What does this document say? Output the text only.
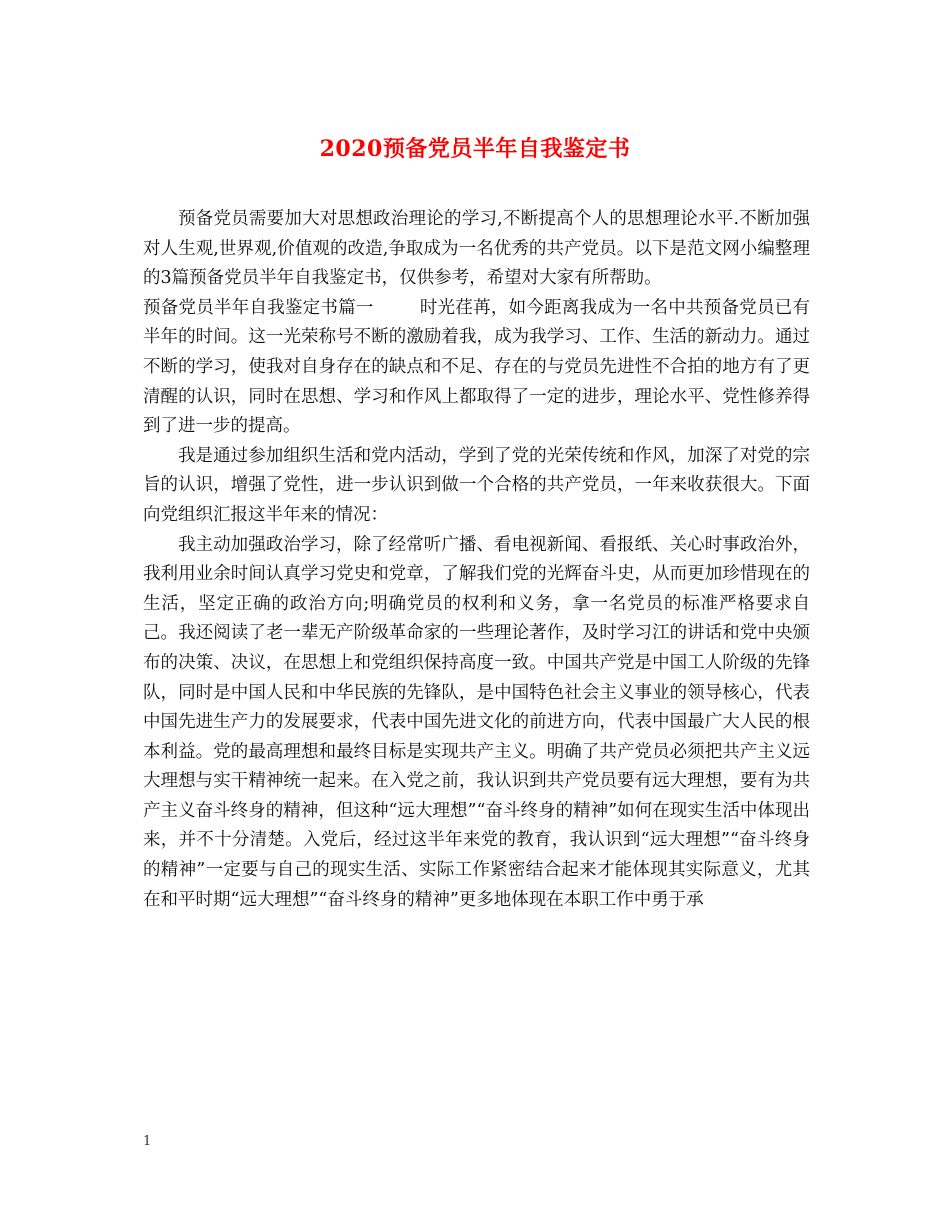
2020预备党员半年自我鉴定书

预备党员需要加大对思想政治理论的学习,不断提高个人的思想理论水平.不断加强对人生观,世界观,价值观的改造,争取成为一名优秀的共产党员。以下是范文网小编整理的3篇预备党员半年自我鉴定书，仅供参考，希望对大家有所帮助。

预备党员半年自我鉴定书篇一	时光荏苒，如今距离我成为一名中共预备党员已有半年的时间。这一光荣称号不断的激励着我，成为我学习、工作、生活的新动力。通过不断的学习，使我对自身存在的缺点和不足、存在的与党员先进性不合拍的地方有了更清醒的认识，同时在思想、学习和作风上都取得了一定的进步，理论水平、党性修养得到了进一步的提高。

我是通过参加组织生活和党内活动，学到了党的光荣传统和作风，加深了对党的宗旨的认识，增强了党性，进一步认识到做一个合格的共产党员，一年来收获很大。下面向党组织汇报这半年来的情况：

我主动加强政治学习，除了经常听广播、看电视新闻、看报纸、关心时事政治外，我利用业余时间认真学习党史和党章，了解我们党的光辉奋斗史，从而更加珍惜现在的生活，坚定正确的政治方向;明确党员的权利和义务，拿一名党员的标准严格要求自己。我还阅读了老一辈无产阶级革命家的一些理论著作，及时学习江的讲话和党中央颁布的决策、决议，在思想上和党组织保持高度一致。中国共产党是中国工人阶级的先锋队，同时是中国人民和中华民族的先锋队，是中国特色社会主义事业的领导核心，代表中国先进生产力的发展要求，代表中国先进文化的前进方向，代表中国最广大人民的根本利益。党的最高理想和最终目标是实现共产主义。明确了共产党员必须把共产主义远大理想与实干精神统一起来。在入党之前，我认识到共产党员要有远大理想，要有为共产主义奋斗终身的精神，但这种“远大理想”“奋斗终身的精神”如何在现实生活中体现出来，并不十分清楚。入党后，经过这半年来党的教育，我认识到“远大理想”“奋斗终身的精神”一定要与自己的现实生活、实际工作紧密结合起来才能体现其实际意义，尤其在和平时期“远大理想”“奋斗终身的精神”更多地体现在本职工作中勇于承

1
